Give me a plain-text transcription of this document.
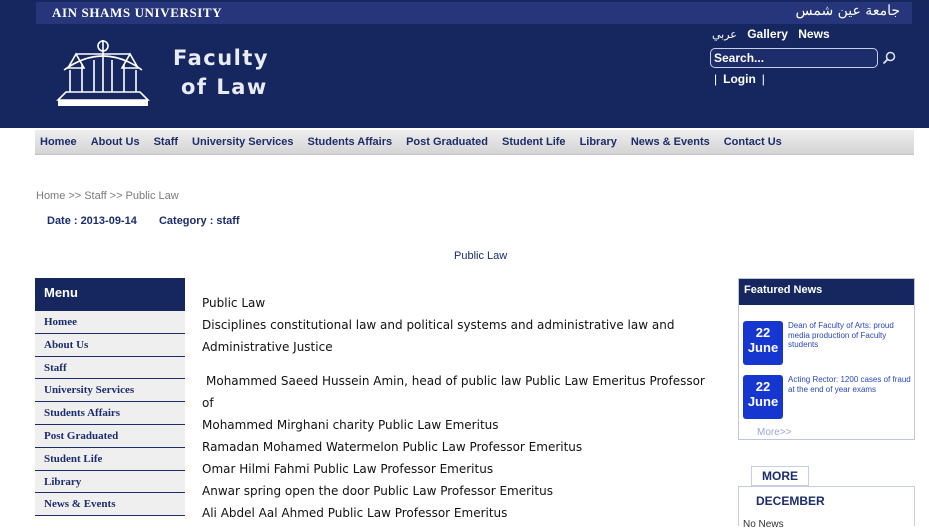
AIN SHAMS UNIVERSITY	جامعة عين شمس
Faculty
of Law
عربي Gallery News
Search...
| Login |
Homee	About Us	Staff	University Services	Students Affairs	Post Graduated	Student Life	Library	News & Events	Contact Us
Home >> Staff >> Public Law
Date : 2013-09-14 Category : staff
Public Law
Menu
Homee
About Us
Staff
University Services
Students Affairs
Post Graduated
Student Life
Library
News & Events

Public Law

Disciplines constitutional law and political systems and administrative law and

Administrative Justice

Mohammed Saeed Hussein Amin, head of public law Public Law Emeritus Professor

of

Mohammed Mirghani charity Public Law Emeritus

Ramadan Mohamed Watermelon Public Law Professor Emeritus

Omar Hilmi Fahmi Public Law Professor Emeritus

Anwar spring open the door Public Law Professor Emeritus

Ali Abdel Aal Ahmed Public Law Professor Emeritus

Featured News
22
June
Dean of Faculty of Arts: proud media production of Faculty students
22
June
Acting Rector: 1200 cases of fraud at the end of year exams
More>>
MORE
DECEMBER
No News
